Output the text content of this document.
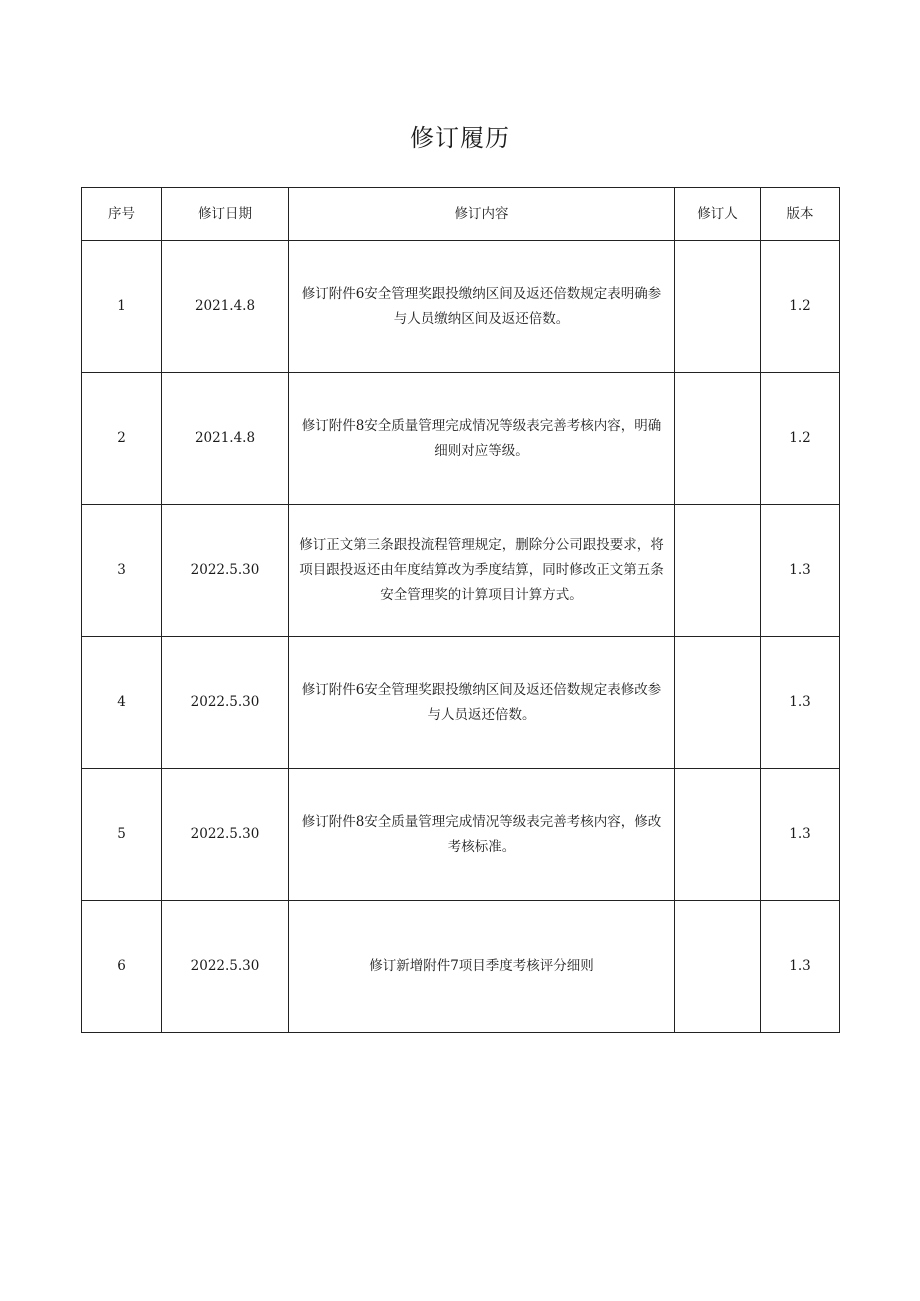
修订履历
序号	修订日期	修订内容	修订人	版本
1	2021.4.8	修订附件6安全管理奖跟投缴纳区间及返还倍数规定表明确参与人员缴纳区间及返还倍数。		1.2
2	2021.4.8	修订附件8安全质量管理完成情况等级表完善考核内容，明确细则对应等级。		1.2
3	2022.5.30	修订正文第三条跟投流程管理规定，删除分公司跟投要求，将项目跟投返还由年度结算改为季度结算，同时修改正文第五条安全管理奖的计算项目计算方式。		1.3
4	2022.5.30	修订附件6安全管理奖跟投缴纳区间及返还倍数规定表修改参与人员返还倍数。		1.3
5	2022.5.30	修订附件8安全质量管理完成情况等级表完善考核内容，修改考核标准。		1.3
6	2022.5.30	修订新增附件7项目季度考核评分细则		1.3
